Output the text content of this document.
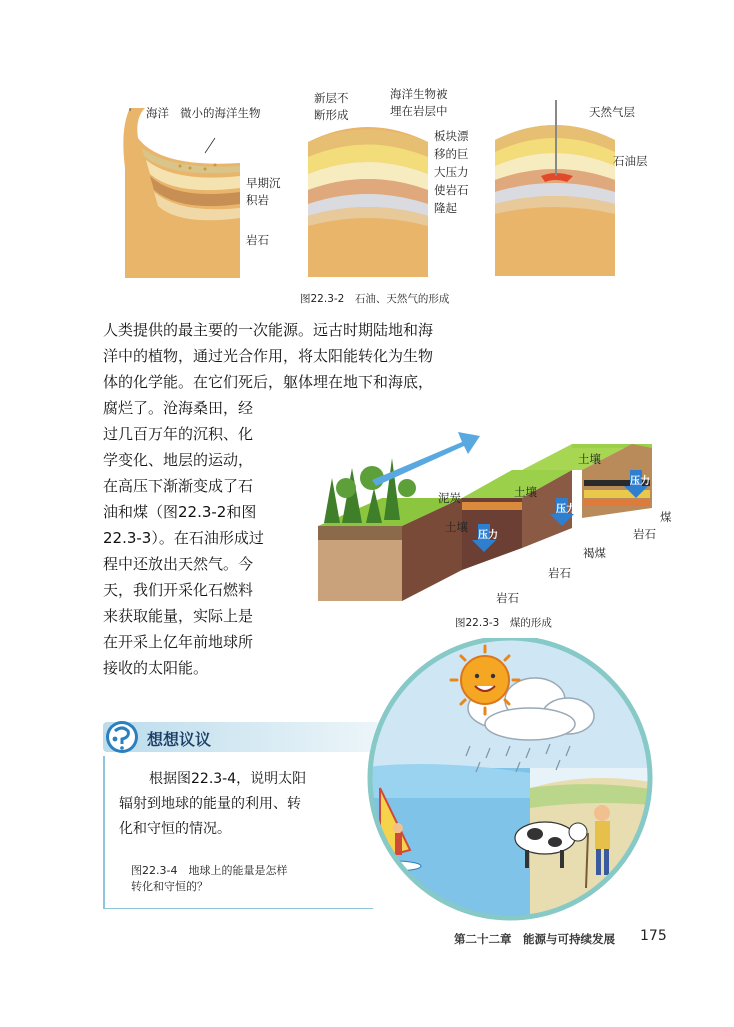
海洋 微小的海洋生物
早期沉
积岩
岩石
新层不
断形成
海洋生物被
埋在岩层中
板块漂
移的巨
大压力
使岩石
隆起
天然气层
石油层
图22.3-2　石油、天然气的形成
人类提供的最主要的一次能源。远古时期陆地和海
洋中的植物，通过光合作用，将太阳能转化为生物
体的化学能。在它们死后，躯体埋在地下和海底，
腐烂了。沧海桑田，经
过几百万年的沉积、化
学变化、地层的运动，
在高压下渐渐变成了石
油和煤（图22.3-2和图
22.3-3）。在石油形成过
程中还放出天然气。今
天，我们开采化石燃料
来获取能量，实际上是
在开采上亿年前地球所
接收的太阳能。
压力
压力
压力
时间进程
土壤
泥炭	土壤
土壤
煤
岩石
褐煤
岩石
岩石
图22.3-3　煤的形成
想想议议
根据图22.3-4，说明太阳
辐射到地球的能量的利用、转
化和守恒的情况。
图22.3-4　地球上的能量是怎样
转化和守恒的？
第二十二章　能源与可持续发展 175
